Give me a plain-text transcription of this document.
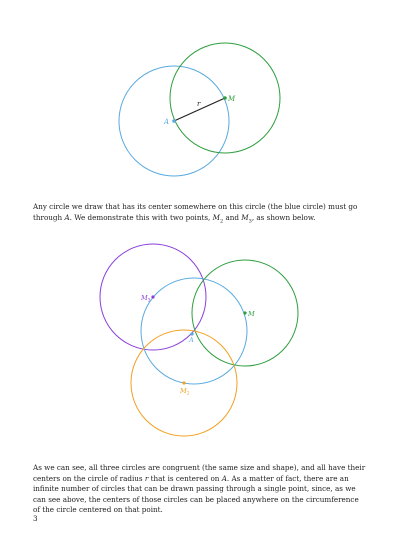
A
M
r

Any circle we draw that has its center somewhere on this circle (the blue circle) must go through A. We demonstrate this with two points, $M_2$ and $M_3$, as shown below.

A
M
$M_3$
$M_2$

As we can see, all three circles are congruent (the same size and shape), and all have their centers on the circle of radius r that is centered on A. As a matter of fact, there are an infinite number of circles that can be drawn passing through a single point, since, as we can see above, the centers of those circles can be placed anywhere on the circumference of the circle centered on that point.

3
